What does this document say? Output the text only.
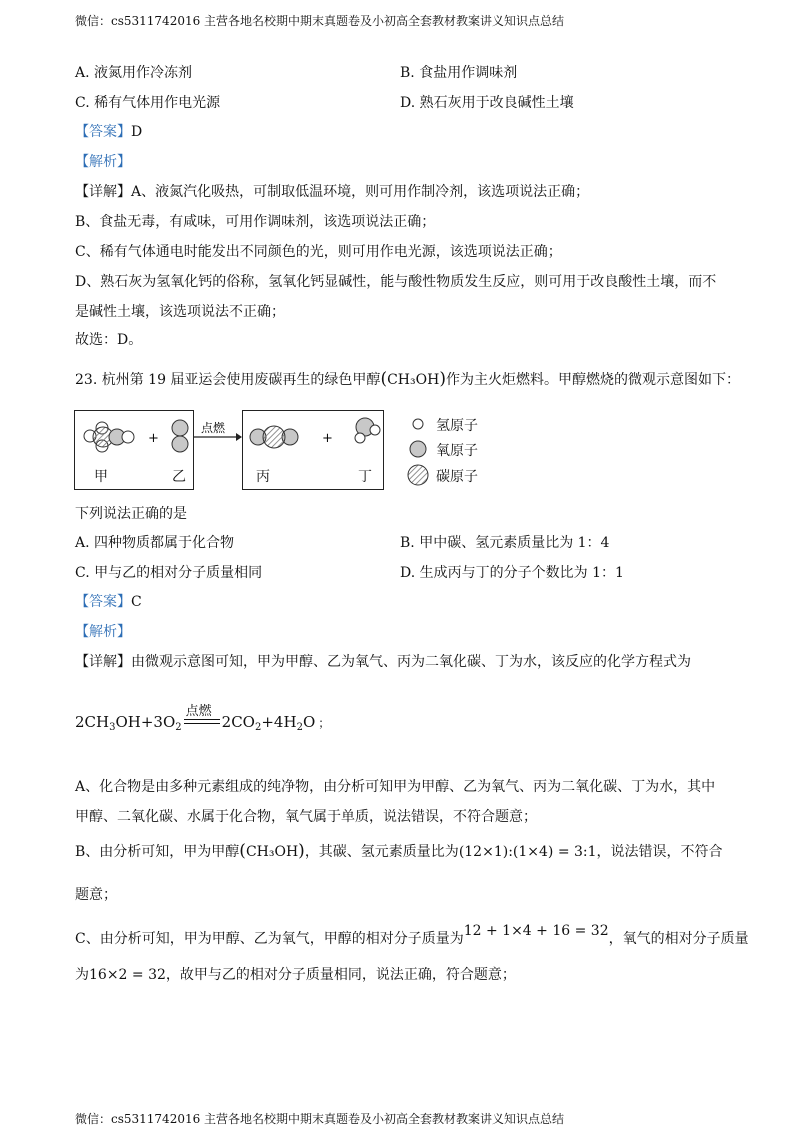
微信：cs5311742016 主营各地名校期中期末真题卷及小初高全套教材教案讲义知识点总结
A. 液氮用作冷冻剂	B. 食盐用作调味剂
C. 稀有气体用作电光源	D. 熟石灰用于改良碱性土壤
【答案】D
【解析】
【详解】A、液氮汽化吸热，可制取低温环境，则可用作制冷剂，该选项说法正确；
B、食盐无毒，有咸味，可用作调味剂，该选项说法正确；
C、稀有气体通电时能发出不同颜色的光，则可用作电光源，该选项说法正确；
D、熟石灰为氢氧化钙的俗称，氢氧化钙显碱性，能与酸性物质发生反应，则可用于改良酸性土壤，而不
是碱性土壤，该选项说法不正确；
故选：D。
23. 杭州第 19 届亚运会使用废碳再生的绿色甲醇(CH₃OH)作为主火炬燃料。甲醇燃烧的微观示意图如下：
+
点燃
+
甲	乙	丙	丁
氢原子
氧原子
碳原子
下列说法正确的是
A. 四种物质都属于化合物	B. 甲中碳、氢元素质量比为 1：4
C. 甲与乙的相对分子质量相同	D. 生成丙与丁的分子个数比为 1：1
【答案】C
【解析】
【详解】由微观示意图可知，甲为甲醇、乙为氧气、丙为二氧化碳、丁为水，该反应的化学方程式为
$2CH_3OH+3O_2$
点燃
$2CO_2+4H_2O$ ；
A、化合物是由多种元素组成的纯净物，由分析可知甲为甲醇、乙为氧气、丙为二氧化碳、丁为水，其中
甲醇、二氧化碳、水属于化合物，氧气属于单质，说法错误，不符合题意；
B、由分析可知，甲为甲醇(CH₃OH)，其碳、氢元素质量比为(12×1):(1×4) = 3:1，说法错误，不符合
题意；
C、由分析可知，甲为甲醇、乙为氧气，甲醇的相对分子质量为12 + 1×4 + 16 = 32，氧气的相对分子质量
为16×2 = 32，故甲与乙的相对分子质量相同，说法正确，符合题意；
微信：cs5311742016 主营各地名校期中期末真题卷及小初高全套教材教案讲义知识点总结
